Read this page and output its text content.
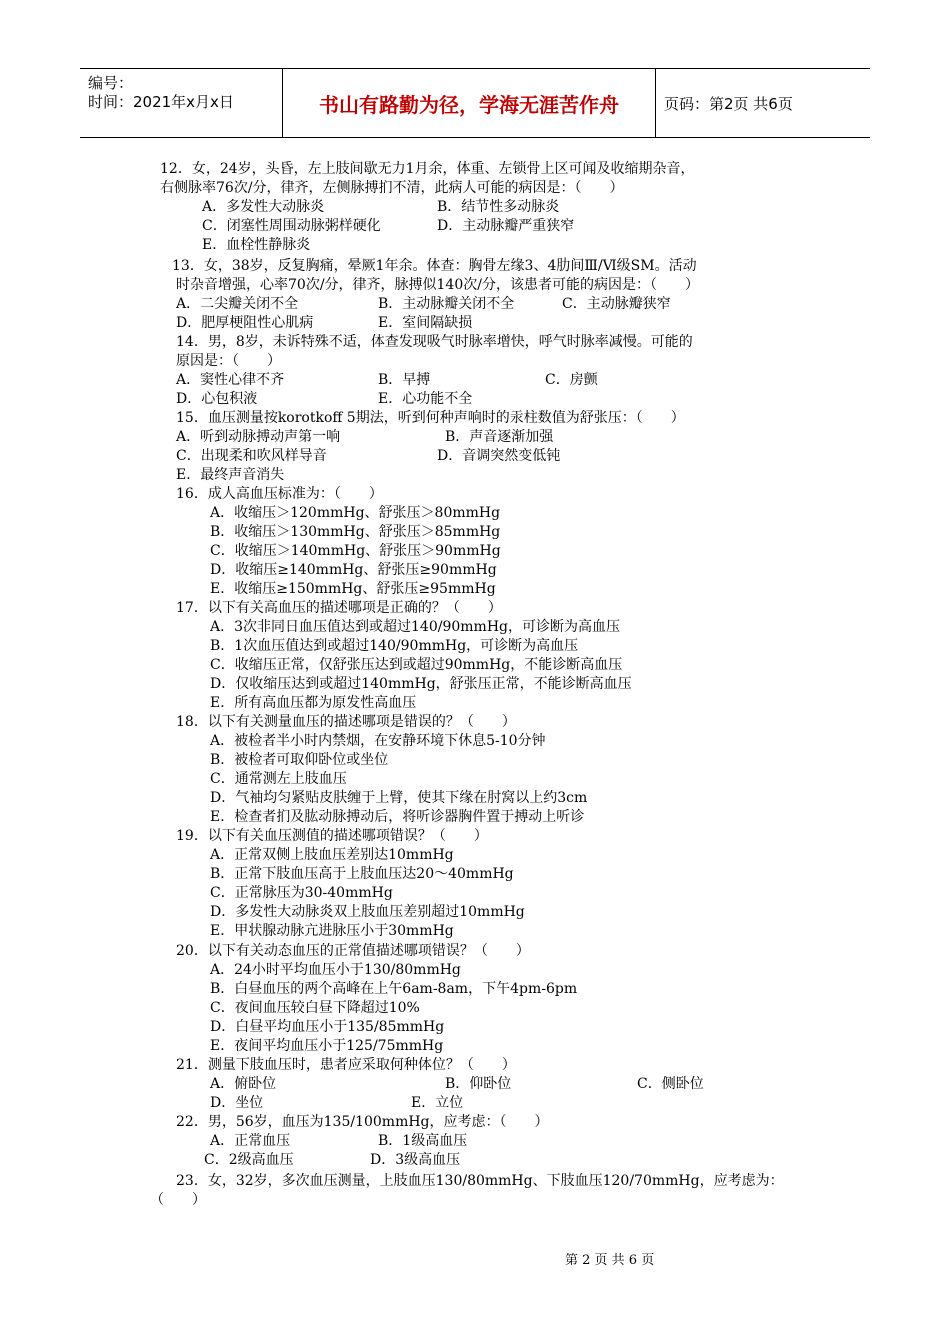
编号：
时间：2021年x月x日	书山有路勤为径，学海无涯苦作舟	页码：第2页 共6页
12．女，24岁，头昏，左上肢间歇无力1月余，体重、左锁骨上区可闻及收缩期杂音，
右侧脉率76次/分，律齐，左侧脉搏扪不清，此病人可能的病因是：（　　）
A．多发性大动脉炎	B．结节性多动脉炎
C．闭塞性周围动脉粥样硬化	D．主动脉瓣严重狭窄
E．血栓性静脉炎
13．女，38岁，反复胸痛，晕厥1年余。体查：胸骨左缘3、4肋间Ⅲ/Ⅵ级SM。活动
时杂音增强，心率70次/分，律齐，脉搏似140次/分，该患者可能的病因是：（　　）
A．二尖瓣关闭不全	B．主动脉瓣关闭不全	C．主动脉瓣狭窄
D．肥厚梗阻性心肌病	E．室间隔缺损
14．男，8岁，未诉特殊不适，体查发现吸气时脉率增快，呼气时脉率减慢。可能的
原因是：（　　）
A．窦性心律不齐	B．早搏	C．房颤
D．心包积液	E．心功能不全
15．血压测量按korotkoff 5期法，听到何种声响时的汞柱数值为舒张压：（　　）
A．听到动脉搏动声第一响	B．声音逐渐加强
C．出现柔和吹风样导音	D．音调突然变低钝
E．最终声音消失
16．成人高血压标准为：（　　）
A．收缩压＞120mmHg、舒张压＞80mmHg
B．收缩压＞130mmHg、舒张压＞85mmHg
C．收缩压＞140mmHg、舒张压＞90mmHg
D．收缩压≥140mmHg、舒张压≥90mmHg
E．收缩压≥150mmHg、舒张压≥95mmHg
17．以下有关高血压的描述哪项是正确的？（　　）
A．3次非同日血压值达到或超过140/90mmHg，可诊断为高血压
B．1次血压值达到或超过140/90mmHg，可诊断为高血压
C．收缩压正常，仅舒张压达到或超过90mmHg，不能诊断高血压
D．仅收缩压达到或超过140mmHg，舒张压正常，不能诊断高血压
E．所有高血压都为原发性高血压
18．以下有关测量血压的描述哪项是错误的？（　　）
A．被检者半小时内禁烟，在安静环境下休息5-10分钟
B．被检者可取仰卧位或坐位
C．通常测左上肢血压
D．气袖均匀紧贴皮肤缠于上臂，使其下缘在肘窝以上约3cm
E．检查者扪及肱动脉搏动后，将听诊器胸件置于搏动上听诊
19．以下有关血压测值的描述哪项错误？（　　）
A．正常双侧上肢血压差别达10mmHg
B．正常下肢血压高于上肢血压达20～40mmHg
C．正常脉压为30-40mmHg
D．多发性大动脉炎双上肢血压差别超过10mmHg
E．甲状腺动脉亢进脉压小于30mmHg
20．以下有关动态血压的正常值描述哪项错误？（　　）
A．24小时平均血压小于130/80mmHg
B．白昼血压的两个高峰在上午6am-8am，下午4pm-6pm
C．夜间血压较白昼下降超过10%
D．白昼平均血压小于135/85mmHg
E．夜间平均血压小于125/75mmHg
21．测量下肢血压时，患者应采取何种体位？（　　）
A．俯卧位	B．仰卧位	C．侧卧位
D．坐位	E．立位
22．男，56岁，血压为135/100mmHg，应考虑：（　　）
A．正常血压	B．1级高血压
C．2级高血压	D．3级高血压
23．女，32岁，多次血压测量，上肢血压130/80mmHg、下肢血压120/70mmHg，应考虑为：
（　　）
第 2 页 共 6 页
